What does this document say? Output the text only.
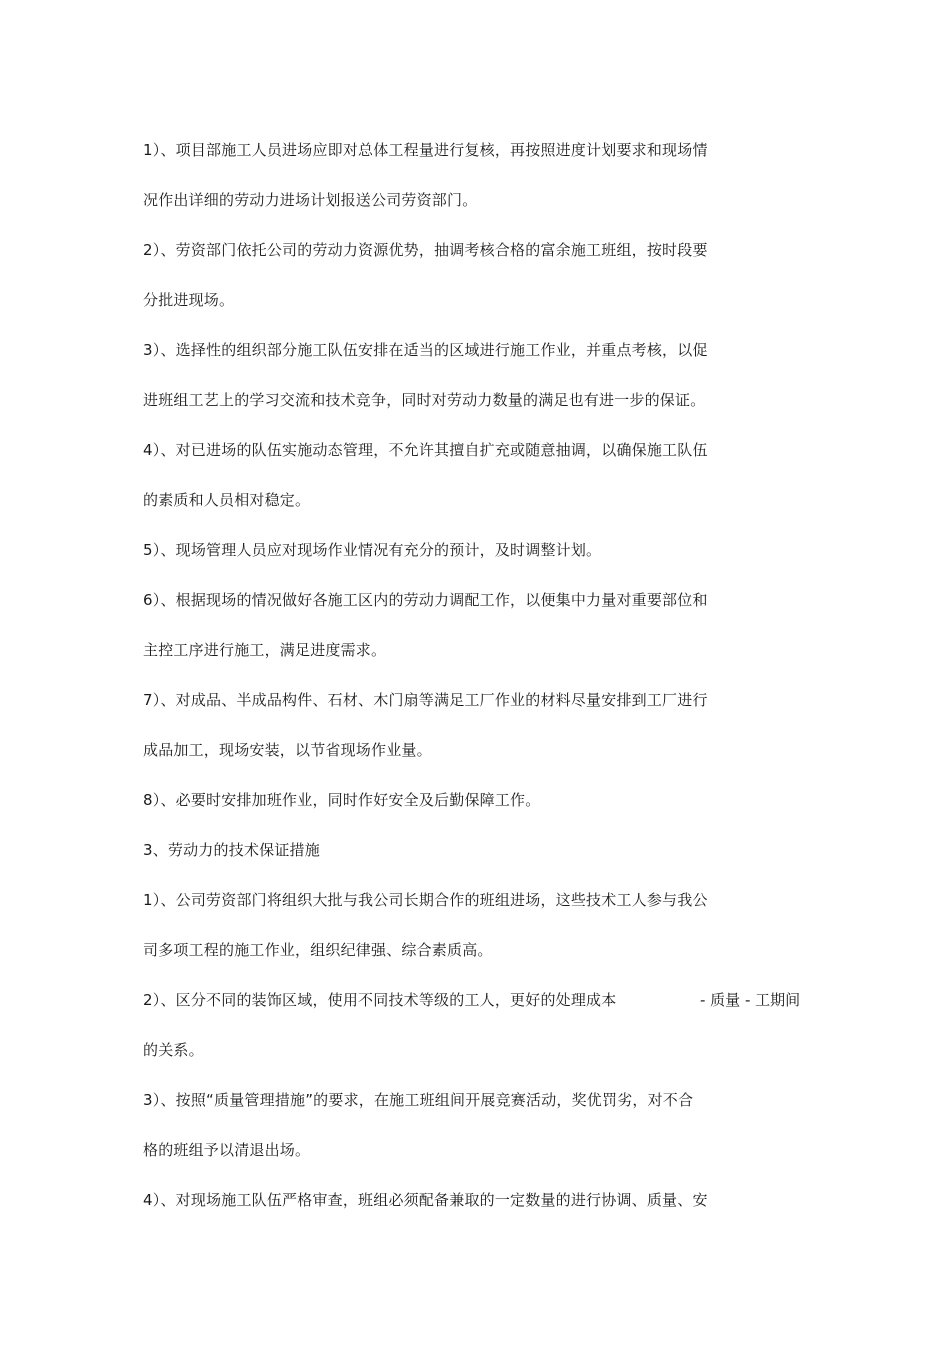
1）、项目部施工人员进场应即对总体工程量进行复核，再按照进度计划要求和现场情
况作出详细的劳动力进场计划报送公司劳资部门。
2）、劳资部门依托公司的劳动力资源优势，抽调考核合格的富余施工班组，按时段要
分批进现场。
3）、选择性的组织部分施工队伍安排在适当的区域进行施工作业，并重点考核，以促
进班组工艺上的学习交流和技术竞争，同时对劳动力数量的满足也有进一步的保证。
4）、对已进场的队伍实施动态管理，不允许其擅自扩充或随意抽调，以确保施工队伍
的素质和人员相对稳定。
5）、现场管理人员应对现场作业情况有充分的预计，及时调整计划。
6）、根据现场的情况做好各施工区内的劳动力调配工作，以便集中力量对重要部位和
主控工序进行施工，满足进度需求。
7）、对成品、半成品构件、石材、木门扇等满足工厂作业的材料尽量安排到工厂进行
成品加工，现场安装，以节省现场作业量。
8）、必要时安排加班作业，同时作好安全及后勤保障工作。
3、劳动力的技术保证措施
1）、公司劳资部门将组织大批与我公司长期合作的班组进场，这些技术工人参与我公
司多项工程的施工作业，组织纪律强、综合素质高。
2）、区分不同的装饰区域，使用不同技术等级的工人，更好的处理成本	- 质量 - 工期间
的关系。
3）、按照“质量管理措施”的要求，在施工班组间开展竞赛活动，奖优罚劣，对不合
格的班组予以清退出场。
4）、对现场施工队伍严格审查，班组必须配备兼取的一定数量的进行协调、质量、安
